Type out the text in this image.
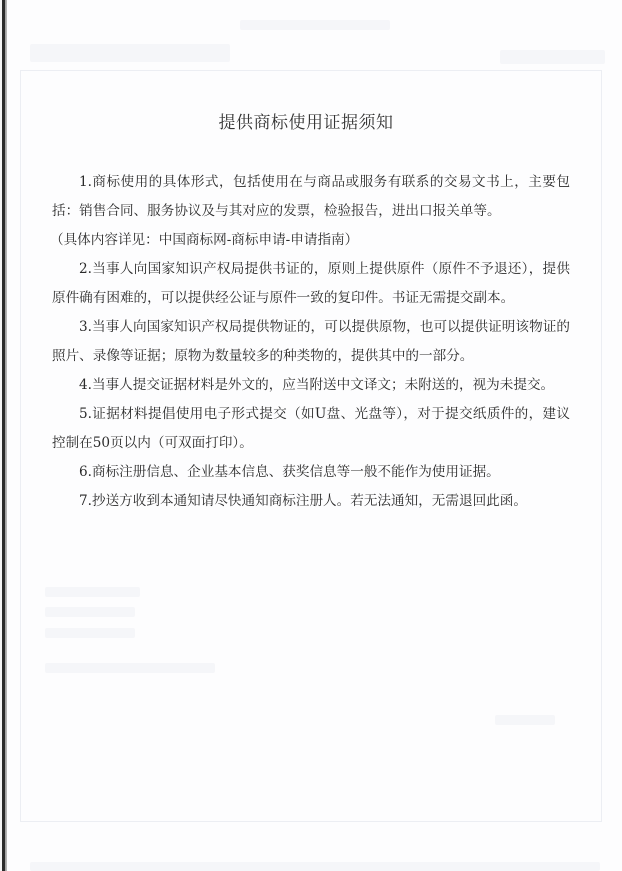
提供商标使用证据须知

1.商标使用的具体形式，包括使用在与商品或服务有联系的交易文书上，主要包括：销售合同、服务协议及与其对应的发票，检验报告，进出口报关单等。

（具体内容详见：中国商标网-商标申请-申请指南）

2.当事人向国家知识产权局提供书证的，原则上提供原件（原件不予退还），提供原件确有困难的，可以提供经公证与原件一致的复印件。书证无需提交副本。

3.当事人向国家知识产权局提供物证的，可以提供原物，也可以提供证明该物证的照片、录像等证据；原物为数量较多的种类物的，提供其中的一部分。

4.当事人提交证据材料是外文的，应当附送中文译文；未附送的，视为未提交。

5.证据材料提倡使用电子形式提交（如U盘、光盘等），对于提交纸质件的，建议控制在50页以内（可双面打印）。

6.商标注册信息、企业基本信息、获奖信息等一般不能作为使用证据。

7.抄送方收到本通知请尽快通知商标注册人。若无法通知，无需退回此函。
